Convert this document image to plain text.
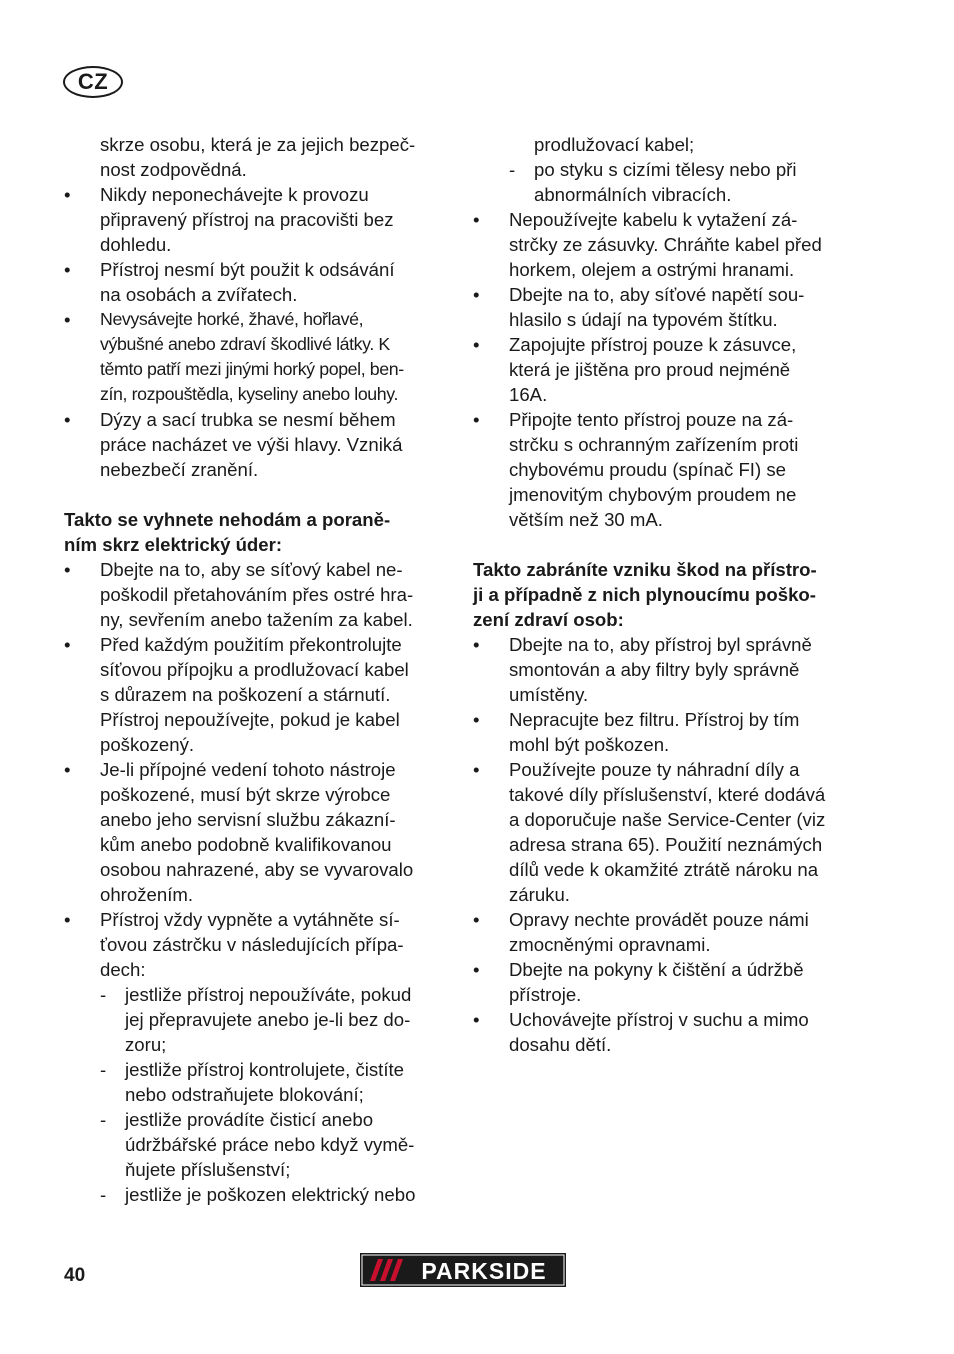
CZ
skrze osobu, která je za jejich bezpeč-
nost zodpovědná.
• Nikdy neponechávejte k provozu
připravený přístroj na pracovišti bez
dohledu.
• Přístroj nesmí být použit k odsávání
na osobách a zvířatech.
• Nevysávejte horké, žhavé, hořlavé,
výbušné anebo zdraví škodlivé látky. K
těmto patří mezi jinými horký popel, ben-
zín, rozpouštědla, kyseliny anebo louhy.
• Dýzy a sací trubka se nesmí během
práce nacházet ve výši hlavy. Vzniká
nebezbečí zranění.
Takto se vyhnete nehodám a poraně-
ním skrz elektrický úder:
• Dbejte na to, aby se síťový kabel ne-
poškodil přetahováním přes ostré hra-
ny, sevřením anebo tažením za kabel.
• Před každým použitím překontrolujte
síťovou přípojku a prodlužovací kabel
s důrazem na poškození a stárnutí.
Přístroj nepoužívejte, pokud je kabel
poškozený.
• Je-li přípojné vedení tohoto nástroje
poškozené, musí být skrze výrobce
anebo jeho servisní službu zákazní-
kům anebo podobně kvalifikovanou
osobou nahrazené, aby se vyvarovalo
ohrožením.
• Přístroj vždy vypněte a vytáhněte sí-
ťovou zástrčku v následujících přípa-
dech:
- jestliže přístroj nepoužíváte, pokud
jej přepravujete anebo je-li bez do-
zoru;
- jestliže přístroj kontrolujete, čistíte
nebo odstraňujete blokování;
- jestliže provádíte čisticí anebo
údržbářské práce nebo když vymě-
ňujete příslušenství;
- jestliže je poškozen elektrický nebo
prodlužovací kabel;
- po styku s cizími tělesy nebo při
abnormálních vibracích.
• Nepoužívejte kabelu k vytažení zá-
strčky ze zásuvky. Chráňte kabel před
horkem, olejem a ostrými hranami.
• Dbejte na to, aby síťové napětí sou-
hlasilo s údají na typovém štítku.
• Zapojujte přístroj pouze k zásuvce,
která je jištěna pro proud nejméně
16A.
• Připojte tento přístroj pouze na zá-
strčku s ochranným zařízením proti
chybovému proudu (spínač FI) se
jmenovitým chybovým proudem ne
větším než 30 mA.
Takto zabráníte vzniku škod na přístro-
ji a případně z nich plynoucímu poško-
zení zdraví osob:
• Dbejte na to, aby přístroj byl správně
smontován a aby filtry byly správně
umístěny.
• Nepracujte bez filtru. Přístroj by tím
mohl být poškozen.
• Používejte pouze ty náhradní díly a
takové díly příslušenství, které dodává
a doporučuje naše Service-Center (viz
adresa strana 65). Použití neznámých
dílů vede k okamžité ztrátě nároku na
záruku.
• Opravy nechte provádět pouze námi
zmocněnými opravnami.
• Dbejte na pokyny k čištění a údržbě
přístroje.
• Uchovávejte přístroj v suchu a mimo
dosahu dětí.
40	PARKSIDE
